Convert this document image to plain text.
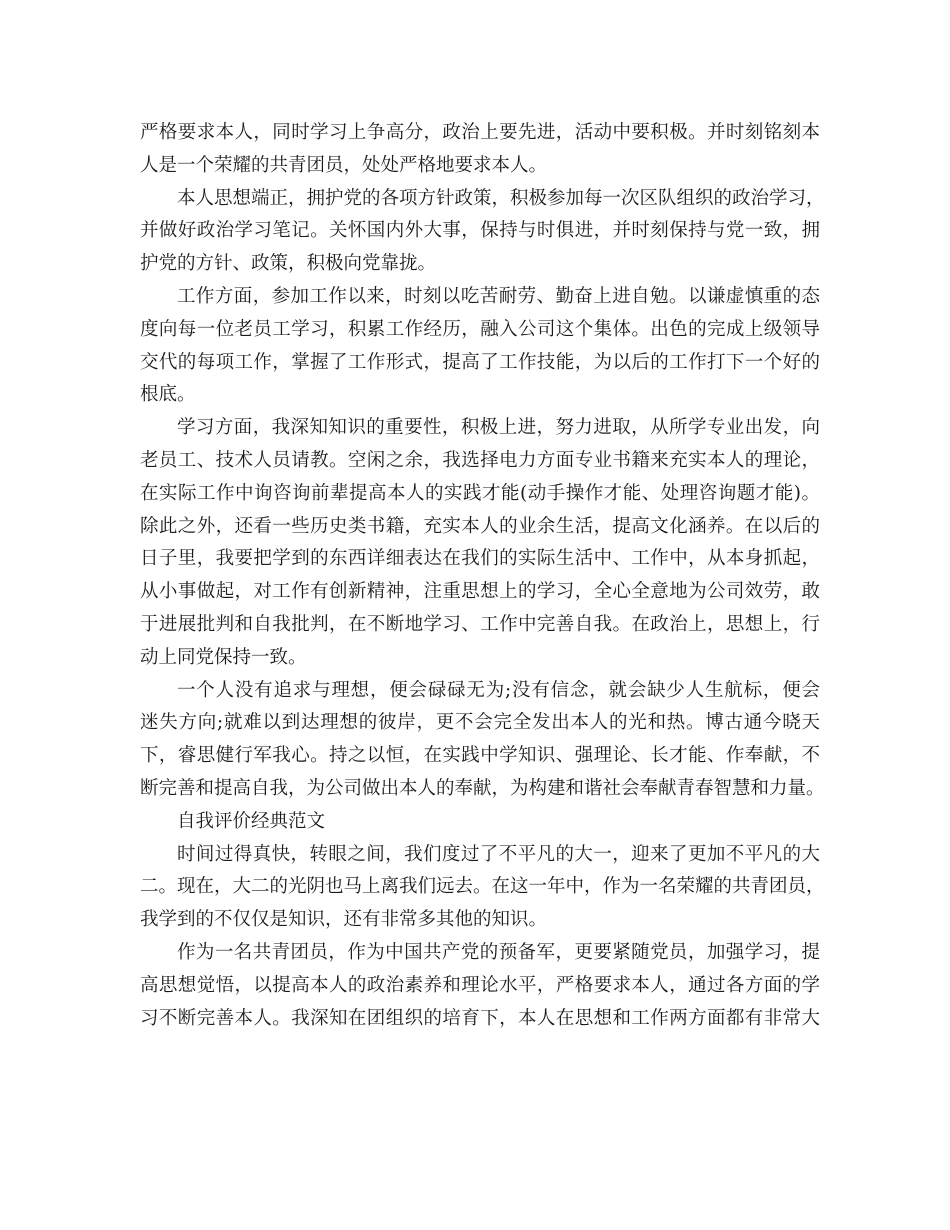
严格要求本人，同时学习上争高分，政治上要先进，活动中要积极。并时刻铭刻本
人是一个荣耀的共青团员，处处严格地要求本人。
本人思想端正，拥护党的各项方针政策，积极参加每一次区队组织的政治学习，
并做好政治学习笔记。关怀国内外大事，保持与时俱进，并时刻保持与党一致，拥
护党的方针、政策，积极向党靠拢。
工作方面，参加工作以来，时刻以吃苦耐劳、勤奋上进自勉。以谦虚慎重的态
度向每一位老员工学习，积累工作经历，融入公司这个集体。出色的完成上级领导
交代的每项工作，掌握了工作形式，提高了工作技能，为以后的工作打下一个好的
根底。
学习方面，我深知知识的重要性，积极上进，努力进取，从所学专业出发，向
老员工、技术人员请教。空闲之余，我选择电力方面专业书籍来充实本人的理论，
在实际工作中询咨询前辈提高本人的实践才能(动手操作才能、处理咨询题才能)。
除此之外，还看一些历史类书籍，充实本人的业余生活，提高文化涵养。在以后的
日子里，我要把学到的东西详细表达在我们的实际生活中、工作中，从本身抓起，
从小事做起，对工作有创新精神，注重思想上的学习，全心全意地为公司效劳，敢
于进展批判和自我批判，在不断地学习、工作中完善自我。在政治上，思想上，行
动上同党保持一致。
一个人没有追求与理想，便会碌碌无为;没有信念，就会缺少人生航标，便会
迷失方向;就难以到达理想的彼岸，更不会完全发出本人的光和热。博古通今晓天
下，睿思健行军我心。持之以恒，在实践中学知识、强理论、长才能、作奉献，不
断完善和提高自我，为公司做出本人的奉献，为构建和谐社会奉献青春智慧和力量。
自我评价经典范文
时间过得真快，转眼之间，我们度过了不平凡的大一，迎来了更加不平凡的大
二。现在，大二的光阴也马上离我们远去。在这一年中，作为一名荣耀的共青团员，
我学到的不仅仅是知识，还有非常多其他的知识。
作为一名共青团员，作为中国共产党的预备军，更要紧随党员，加强学习，提
高思想觉悟，以提高本人的政治素养和理论水平，严格要求本人，通过各方面的学
习不断完善本人。我深知在团组织的培育下，本人在思想和工作两方面都有非常大
